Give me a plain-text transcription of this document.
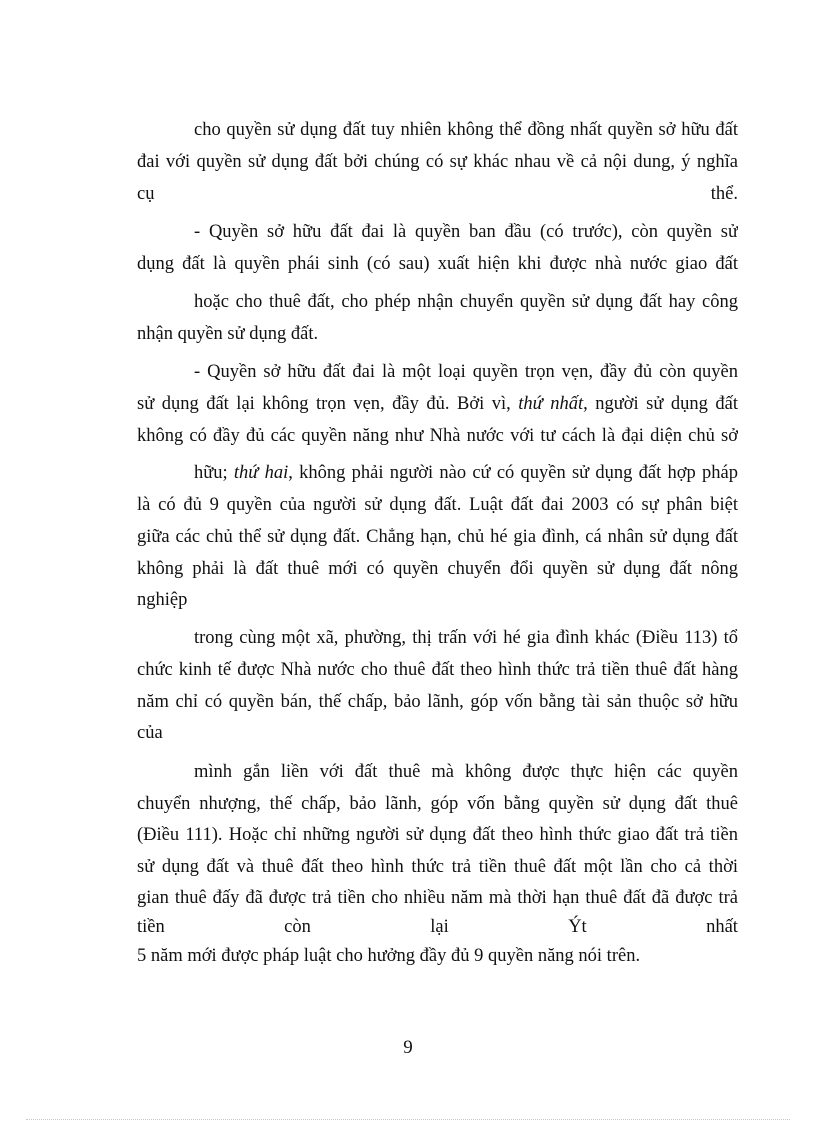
cho quyền sử dụng đất tuy nhiên không thể đồng nhất quyền sở hữu đất
đai với quyền sử dụng đất bởi chúng có sự khác nhau về cả nội dung, ý nghĩa
cụ	thể.
- Quyền sở hữu đất đai là quyền ban đầu (có trước), còn quyền sử
dụng đất là quyền phái sinh (có sau) xuất hiện khi được nhà nước giao đất
hoặc cho thuê đất, cho phép nhận chuyển quyền sử dụng đất hay công
nhận quyền sử dụng đất.
- Quyền sở hữu đất đai là một loại quyền trọn vẹn, đầy đủ còn quyền
sử dụng đất lại không trọn vẹn, đầy đủ. Bởi vì, thứ nhất, người sử dụng đất
không có đầy đủ các quyền năng như Nhà nước với tư cách là đại diện chủ sở
hữu; thứ hai, không phải người nào cứ có quyền sử dụng đất hợp pháp
là có đủ 9 quyền của người sử dụng đất. Luật đất đai 2003 có sự phân biệt
giữa các chủ thể sử dụng đất. Chẳng hạn, chủ hé gia đình, cá nhân sử dụng đất
không phải là đất thuê mới có quyền chuyển đổi quyền sử dụng đất nông
nghiệp
trong cùng một xã, phường, thị trấn với hé gia đình khác (Điều 113) tổ
chức kinh tế được Nhà nước cho thuê đất theo hình thức trả tiền thuê đất hàng
năm chỉ có quyền bán, thế chấp, bảo lãnh, góp vốn bằng tài sản thuộc sở hữu
của
mình gắn liền với đất thuê mà không được thực hiện các quyền
chuyển nhượng, thế chấp, bảo lãnh, góp vốn bằng quyền sử dụng đất thuê
(Điều 111). Hoặc chỉ những người sử dụng đất theo hình thức giao đất trả tiền
sử dụng đất và thuê đất theo hình thức trả tiền thuê đất một lần cho cả thời
gian thuê đấy đã được trả tiền cho nhiều năm mà thời hạn thuê đất đã được trả
tiền	còn	lại	Ýt	nhất
5 năm mới được pháp luật cho hưởng đầy đủ 9 quyền năng nói trên.
9
